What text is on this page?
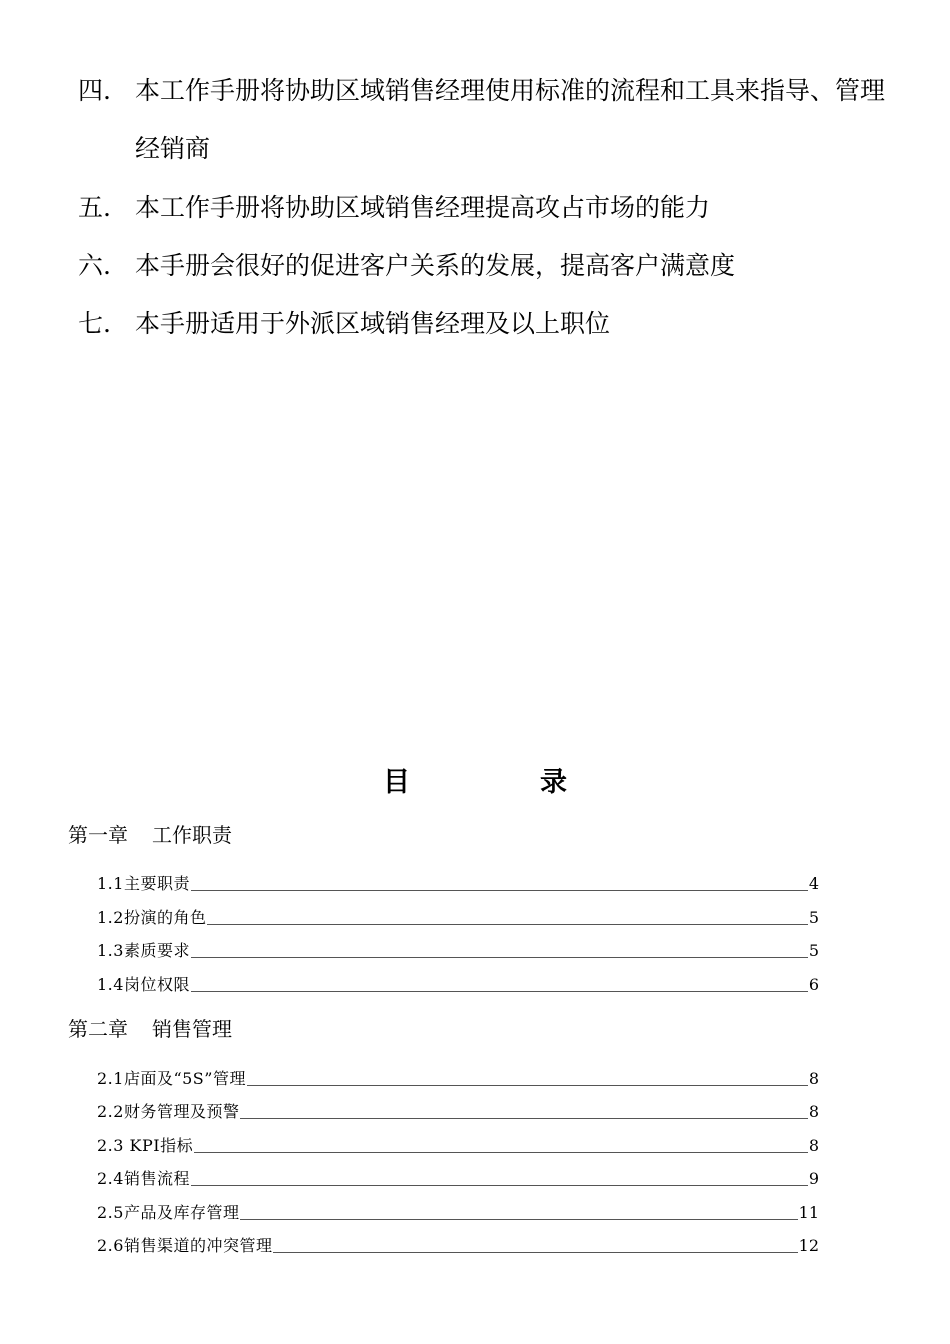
四. 本工作手册将协助区域销售经理使用标准的流程和工具来指导、管理经销商
五. 本工作手册将协助区域销售经理提高攻占市场的能力
六. 本手册会很好的促进客户关系的发展，提高客户满意度
七. 本手册适用于外派区域销售经理及以上职位
目	录
第一章 工作职责
1.1主要职责	4
1.2扮演的角色	5
1.3素质要求	5
1.4岗位权限	6
第二章 销售管理
2.1店面及“5S”管理	8
2.2财务管理及预警	8
2.3 KPI指标	8
2.4销售流程	9
2.5产品及库存管理	11
2.6销售渠道的冲突管理	12
